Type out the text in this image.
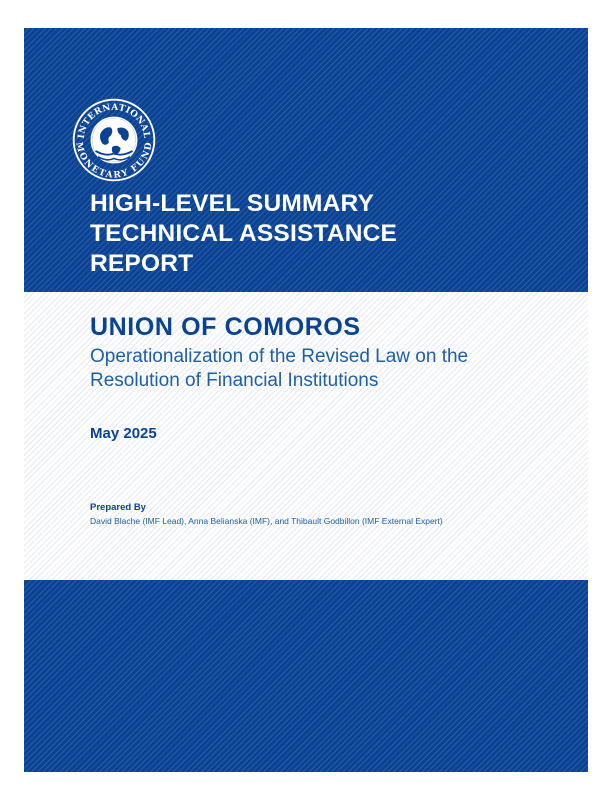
INTERNATIONAL
MONETARY FUND
HIGH-LEVEL SUMMARY
TECHNICAL ASSISTANCE
REPORT
UNION OF COMOROS

Operationalization of the Revised Law on the
Resolution of Financial Institutions

May 2025

Prepared By

David Blache (IMF Lead), Anna Belianska (IMF), and Thibault Godbillon (IMF External Expert)
